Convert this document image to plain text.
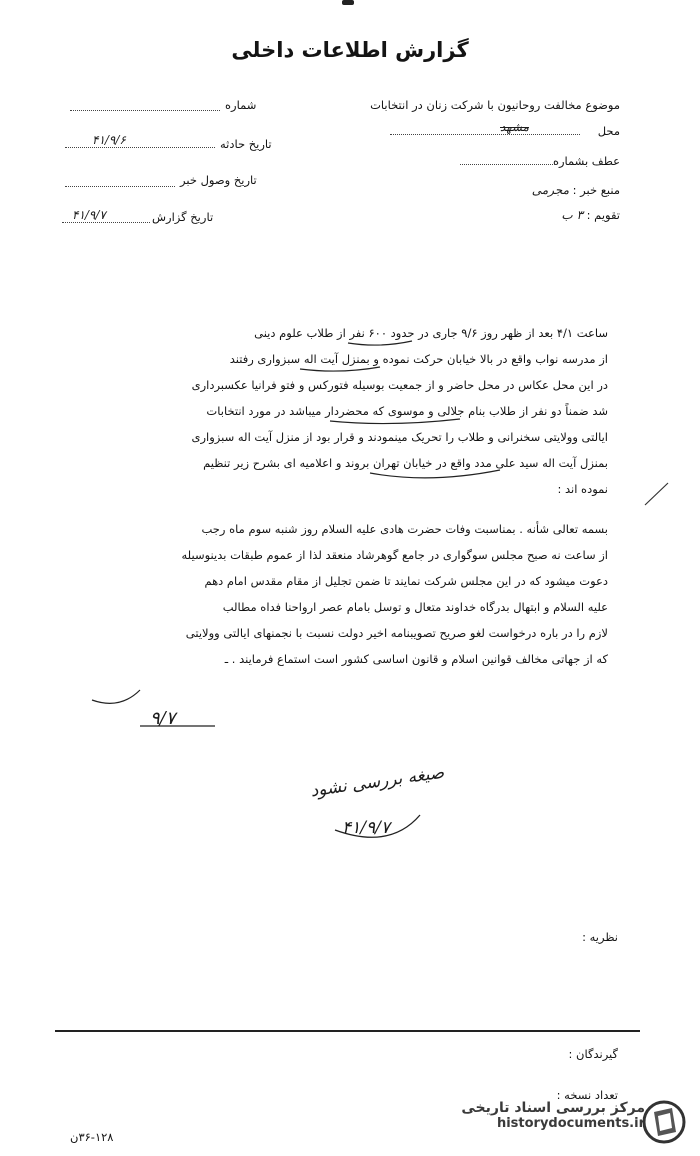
گزارش اطلاعات داخلی
موضوع مخالفت روحانیون با شرکت زنان در انتخابات
محل
مشهد
عطف بشماره
منبع خبر : مجرمی
تقویم : ۳ ب
شماره
تاریخ حادثه
۴۱/۹/۶
تاریخ وصول خبر
تاریخ گزارش
۴۱/۹/۷
ساعت ۴/۱ بعد از ظهر روز ۹/۶ جاری در حدود ۶۰۰ نفر از طلاب علوم دینی
از مدرسه نواب واقع در بالا خیابان حرکت نموده و بمنزل آیت اله سبزواری رفتند
در این محل عکاس در محل حاضر و از جمعیت بوسیله فتورکس و فتو فرانیا عکسبرداری
شد ضمناً دو نفر از طلاب بنام جلالی و موسوی که محضردار میباشد در مورد انتخابات
ایالتی وولایتی سخنرانی و طلاب را تحریک مینمودند و قرار بود از منزل آیت اله سبزواری
بمنزل آیت اله سید علی مدد واقع در خیابان تهران بروند و اعلامیه ای بشرح زیر تنظیم
نموده اند :
بسمه تعالی شأنه . بمناسبت وفات حضرت هادی علیه السلام روز شنبه سوم ماه رجب
از ساعت نه صبح مجلس سوگواری در جامع گوهرشاد منعقد لذا از عموم طبقات بدینوسیله
دعوت میشود که در این مجلس شرکت نمایند تا ضمن تجلیل از مقام مقدس امام دهم
علیه السلام و ابتهال بدرگاه خداوند متعال و توسل بامام عصر ارواحنا فداه مطالب
لازم را در باره درخواست لغو صریح تصویبنامه اخیر دولت نسبت با نجمنهای ایالتی وولایتی
که از جهاتی مخالف قوانین اسلام و قانون اساسی کشور است استماع فرمایند . ـ
۹/۷
صیغه بررسی نشود
۴۱/۹/۷
نظریه :
گیرندگان :
تعداد نسخه :
۳۶-۱۲۸ن
مرکز بررسی اسناد تاریخی
historydocuments.ir
